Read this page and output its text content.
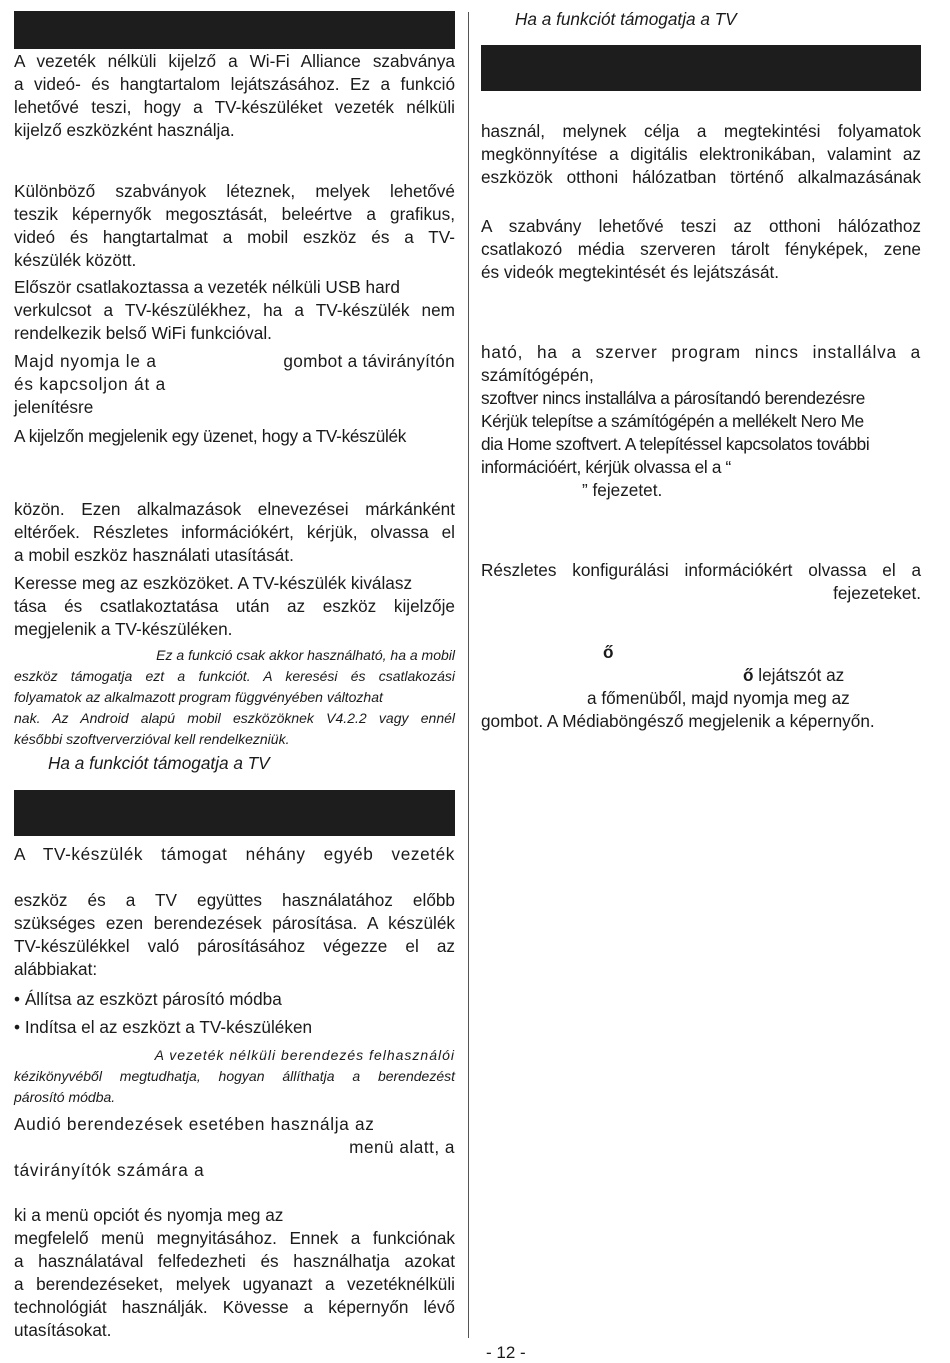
A vezeték nélküli kijelző a Wi-Fi Alliance szabványa
a videó- és hangtartalom lejátszásához. Ez a funkció
lehetővé teszi, hogy a TV-készüléket vezeték nélküli
kijelző eszközként használja.
Különböző szabványok léteznek, melyek lehetővé
teszik képernyők megosztását, beleértve a grafikus,
videó és hangtartalmat a mobil eszköz és a TV-
készülék között.
Először csatlakoztassa a vezeték nélküli USB hard
verkulcsot a TV-készülékhez, ha a TV-készülék nem
rendelkezik belső WiFi funkcióval.
Majd nyomja le a	gombot a távirányítón
és kapcsoljon át a
jelenítésre
A kijelzőn megjelenik egy üzenet, hogy a TV-készülék
közön. Ezen alkalmazások elnevezései márkánként
eltérőek. Részletes információkért, kérjük, olvassa el
a mobil eszköz használati utasítását.
Keresse meg az eszközöket. A TV-készülék kiválasz
tása és csatlakoztatása után az eszköz kijelzője
megjelenik a TV-készüléken.
Ez a funkció csak akkor használható, ha a mobil
eszköz támogatja ezt a funkciót. A keresési és csatlakozási
folyamatok az alkalmazott program függvényében változhat
nak. Az Android alapú mobil eszközöknek V4.2.2 vagy ennél
későbbi szoftververzióval kell rendelkezniük.
Ha a funkciót támogatja a TV
A TV-készülék támogat néhány egyéb vezeték
eszköz és a TV együttes használatához előbb
szükséges ezen berendezések párosítása. A készülék
TV-készülékkel való párosításához végezze el az
alábbiakat:
• Állítsa az eszközt párosító módba
• Indítsa el az eszközt a TV-készüléken
A vezeték nélküli berendezés felhasználói
kézikönyvéből megtudhatja, hogyan állíthatja a berendezést
párosító módba.
Audió berendezések esetében használja az
menü alatt, a
távirányítók számára a
ki a menü opciót és nyomja meg az
megfelelő menü megnyitásához. Ennek a funkciónak
a használatával felfedezheti és használhatja azokat
a berendezéseket, melyek ugyanazt a vezetéknélküli
technológiát használják. Kövesse a képernyőn lévő
utasításokat.
Ha a funkciót támogatja a TV
használ, melynek célja a megtekintési folyamatok
megkönnyítése a digitális elektronikában, valamint az
eszközök otthoni hálózatban történő alkalmazásának
A szabvány lehetővé teszi az otthoni hálózathoz
csatlakozó média szerveren tárolt fényképek, zene
és videók megtekintését és lejátszását.
ható, ha a szerver program nincs installálva a
számítógépén,
szoftver nincs installálva a párosítandó berendezésre
Kérjük telepítse a számítógépén a mellékelt Nero Me
dia Home szoftvert. A telepítéssel kapcsolatos további
információért, kérjük olvassa el a “
” fejezetet.
Részletes konfigurálási információkért olvassa el a
fejezeteket.
ő
ő lejátszót az
a főmenüből, majd nyomja meg az
gombot. A Médiaböngésző megjelenik a képernyőn.
- 12 -
